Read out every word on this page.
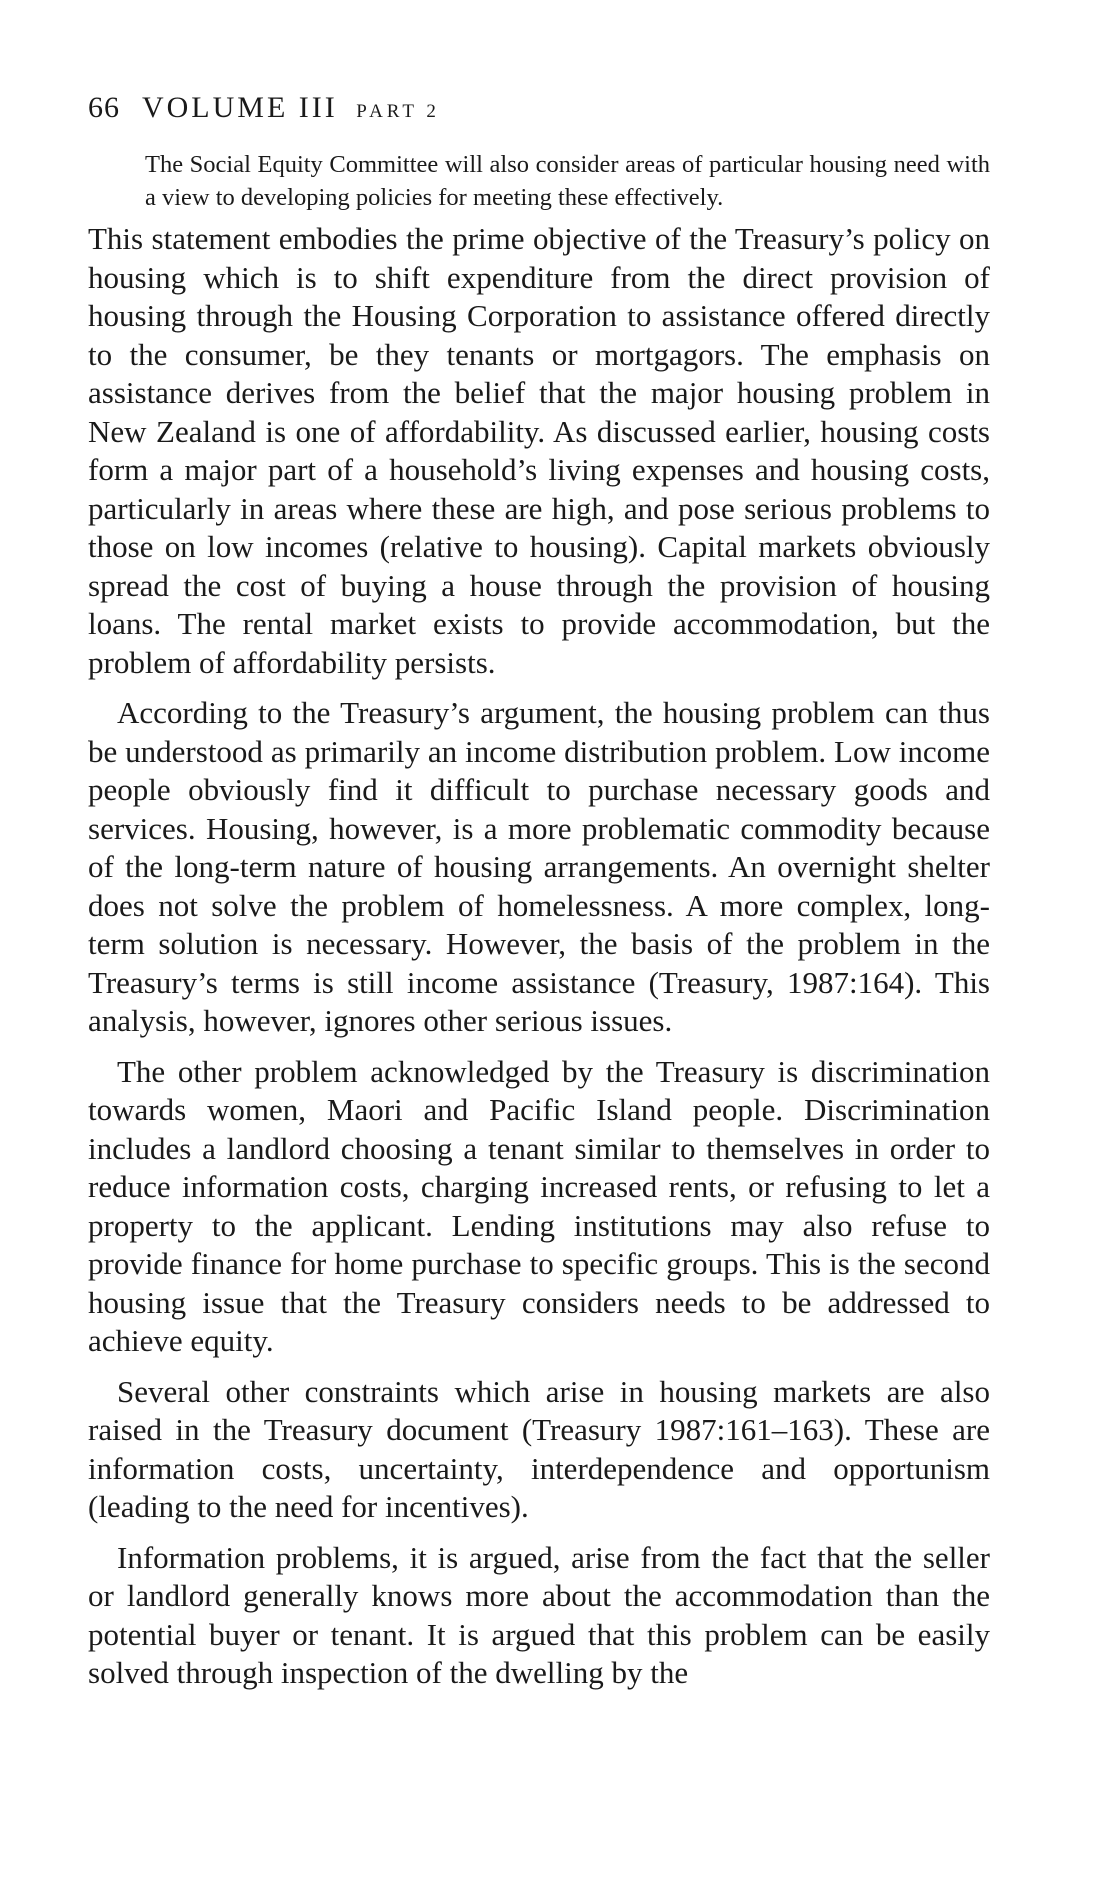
66 VOLUME III PART 2

The Social Equity Committee will also consider areas of particular housing need with a view to developing policies for meeting these effectively.

This statement embodies the prime objective of the Treasury’s policy on housing which is to shift expenditure from the direct provision of housing through the Housing Corporation to assistance offered directly to the consumer, be they tenants or mortgagors. The emphasis on assistance derives from the belief that the major housing problem in New Zealand is one of affordability. As discussed earlier, housing costs form a major part of a household’s living expenses and housing costs, particularly in areas where these are high, and pose serious problems to those on low incomes (relative to housing). Capital markets obviously spread the cost of buying a house through the provision of housing loans. The rental market exists to provide accommodation, but the problem of affordability persists.

According to the Treasury’s argument, the housing problem can thus be understood as primarily an income distribution problem. Low income people obviously find it difficult to purchase necessary goods and services. Housing, however, is a more problematic commodity because of the long-term nature of housing arrangements. An overnight shelter does not solve the problem of homelessness. A more complex, long-term solution is necessary. However, the basis of the problem in the Treasury’s terms is still income assistance (Treasury, 1987:164). This analysis, however, ignores other serious issues.

The other problem acknowledged by the Treasury is discrimination towards women, Maori and Pacific Island people. Discrimination includes a landlord choosing a tenant similar to themselves in order to reduce information costs, charging increased rents, or refusing to let a property to the applicant. Lending institutions may also refuse to provide finance for home purchase to specific groups. This is the second housing issue that the Treasury considers needs to be addressed to achieve equity.

Several other constraints which arise in housing markets are also raised in the Treasury document (Treasury 1987:161–163). These are information costs, uncertainty, interdependence and opportunism (leading to the need for incentives).

Information problems, it is argued, arise from the fact that the seller or landlord generally knows more about the accommodation than the potential buyer or tenant. It is argued that this problem can be easily solved through inspection of the dwelling by the
